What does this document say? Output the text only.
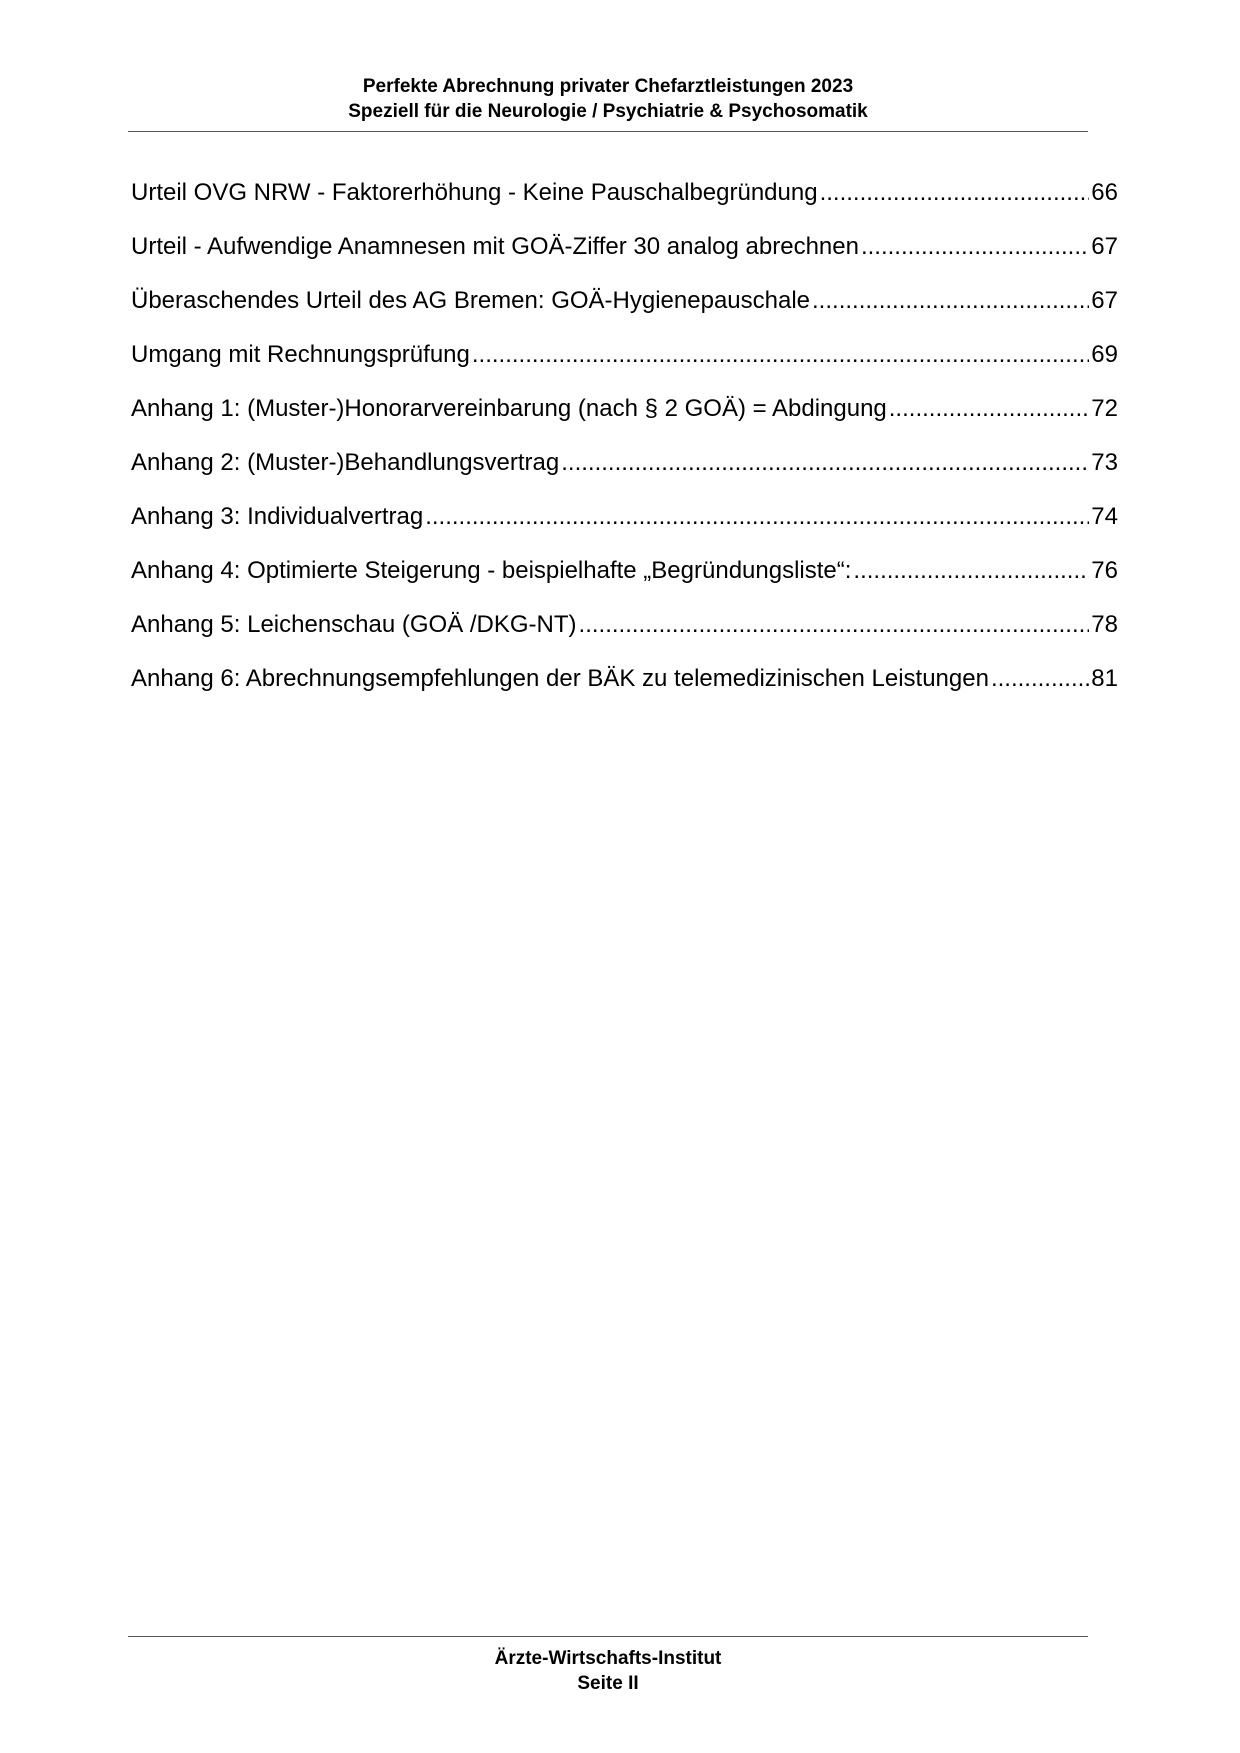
Perfekte Abrechnung privater Chefarztleistungen 2023
Speziell für die Neurologie / Psychiatrie & Psychosomatik
Urteil OVG NRW - Faktorerhöhung - Keine Pauschalbegründung .....	66
Urteil - Aufwendige Anamnesen mit GOÄ-Ziffer 30 analog abrechnen .....	67
Überaschendes Urteil des AG Bremen: GOÄ-Hygienepauschale .....	67
Umgang mit Rechnungsprüfung .....	69
Anhang 1: (Muster-)Honorarvereinbarung (nach § 2 GOÄ) = Abdingung .....	72
Anhang 2: (Muster-)Behandlungsvertrag .....	73
Anhang 3: Individualvertrag .....	74
Anhang 4: Optimierte Steigerung - beispielhafte „Begründungsliste“: .....	76
Anhang 5: Leichenschau (GOÄ /DKG-NT) .....	78
Anhang 6: Abrechnungsempfehlungen der BÄK zu telemedizinischen Leistungen .....	81
Ärzte-Wirtschafts-Institut
Seite II
